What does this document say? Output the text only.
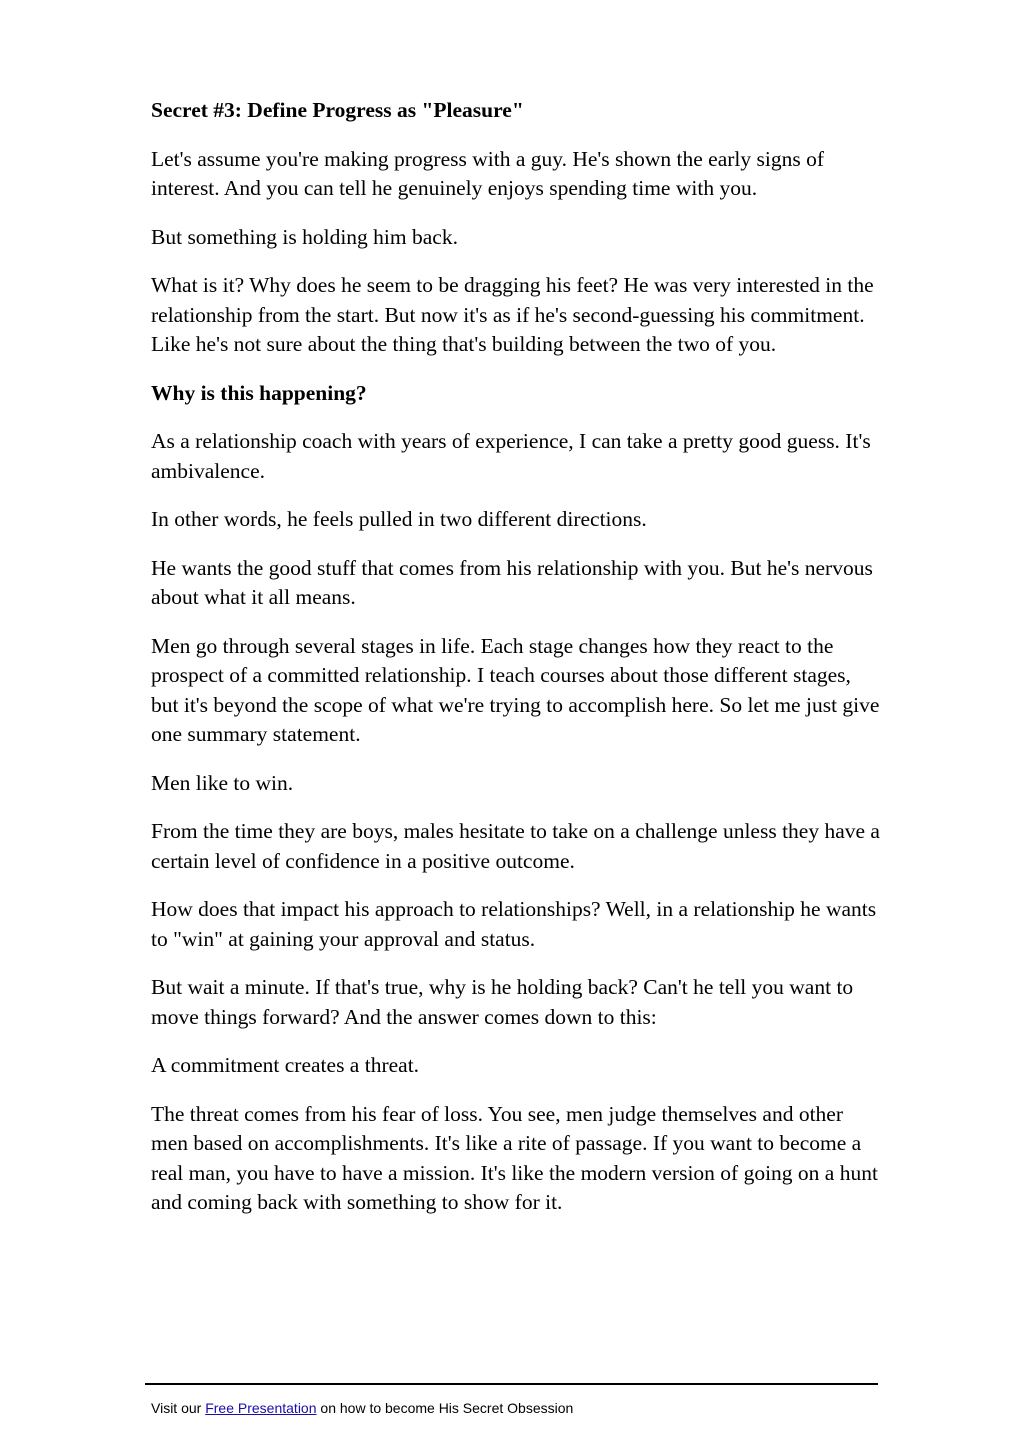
Secret #3: Define Progress as "Pleasure"

Let's assume you're making progress with a guy. He's shown the early signs of interest. And you can tell he genuinely enjoys spending time with you.

But something is holding him back.

What is it? Why does he seem to be dragging his feet? He was very interested in the relationship from the start. But now it's as if he's second-guessing his commitment. Like he's not sure about the thing that's building between the two of you.

Why is this happening?

As a relationship coach with years of experience, I can take a pretty good guess. It's ambivalence.

In other words, he feels pulled in two different directions.

He wants the good stuff that comes from his relationship with you. But he's nervous about what it all means.

Men go through several stages in life. Each stage changes how they react to the prospect of a committed relationship. I teach courses about those different stages, but it's beyond the scope of what we're trying to accomplish here. So let me just give one summary statement.

Men like to win.

From the time they are boys, males hesitate to take on a challenge unless they have a certain level of confidence in a positive outcome.

How does that impact his approach to relationships? Well, in a relationship he wants to "win" at gaining your approval and status.

But wait a minute. If that's true, why is he holding back? Can't he tell you want to move things forward? And the answer comes down to this:

A commitment creates a threat.

The threat comes from his fear of loss. You see, men judge themselves and other men based on accomplishments. It's like a rite of passage. If you want to become a real man, you have to have a mission. It's like the modern version of going on a hunt and coming back with something to show for it.

Visit our Free Presentation on how to become His Secret Obsession
